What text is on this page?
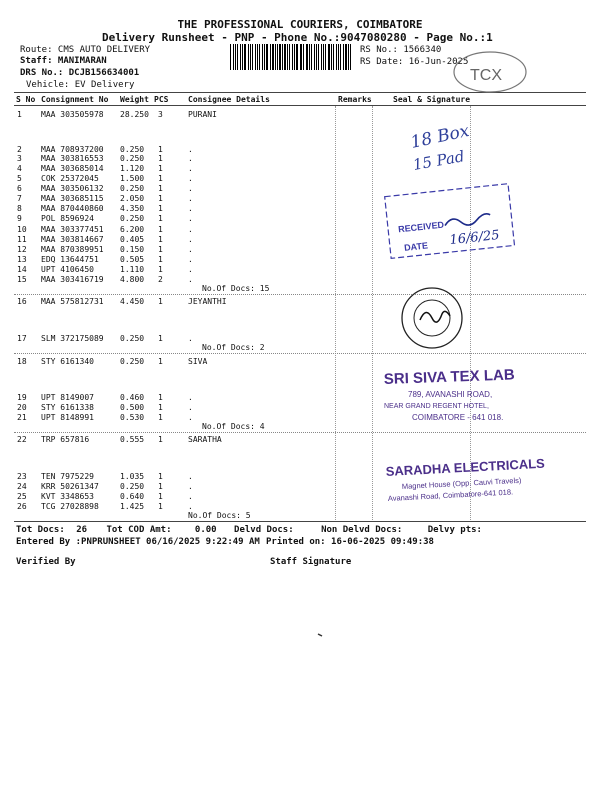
THE PROFESSIONAL COURIERS, COIMBATORE
Delivery Runsheet - PNP - Phone No.:9047080280 - Page No.:1
Route: CMS AUTO DELIVERY
Staff: MANIMARAN
DRS No.: DCJB156634001
Vehicle: EV Delivery
RS No.: 1566340
RS Date: 16-Jun-2025
S No Consignment No Weight PCS Consignee Details	Remarks	Seal & Signature
1 MAA 303505978 28.250 3	PURANI
2 MAA 708937200 0.250 1	.
3 MAA 303816553 0.250 1	.
4 MAA 303685014 1.120 1	.
5 COK 25372045	1.500 1	.
6 MAA 303506132 0.250 1	.
7 MAA 303685115 2.050 1	.
8 MAA 870440860 4.350 1	.
9 POL 8596924	0.250 1	.
10 MAA 303377451 6.200 1	.
11 MAA 303814667 0.405 1	.
12 MAA 870389951 0.150 1	.
13 EDQ 13644751	0.505 1	.
14 UPT 4106450	1.110 1	.
15 MAA 303416719 4.800 2	.
No.Of Docs: 15
16 MAA 575812731 4.450 1	JEYANTHI
17 SLM 372175089 0.250 1	.
No.Of Docs: 2
18 STY 6161340	0.250 1	SIVA
19 UPT 8149007	0.460 1	.
20 STY 6161338	0.500 1	.
21 UPT 8148991	0.530 1	.
No.Of Docs: 4
22 TRP 657816	0.555 1	SARATHA
23 TEN 7975229	1.035 1	.
24 KRR 50261347	0.250 1	.
25 KVT 3348653	0.640 1	.
26 TCG 27028898	1.425 1	.
No.Of Docs: 5
Tot Docs: 26 Tot COD Amt:	0.00 Delvd Docs:	Non Delvd Docs:	Delvy pts:
Entered By :PNPRUNSHEET 06/16/2025 9:22:49 AM Printed on: 16-06-2025 09:49:38
Verified By	Staff Signature
TCX
18 Box
15 Pad
RECEIVED
DATE 16/6/25
SRI SIVA TEX LAB
789, AVANASHI ROAD,
NEAR GRAND REGENT HOTEL,
COIMBATORE - 641 018.
SARADHA ELECTRICALS
Magnet House (Opp. Cauvi Travels)
Avanashi Road, Coimbatore-641 018.
